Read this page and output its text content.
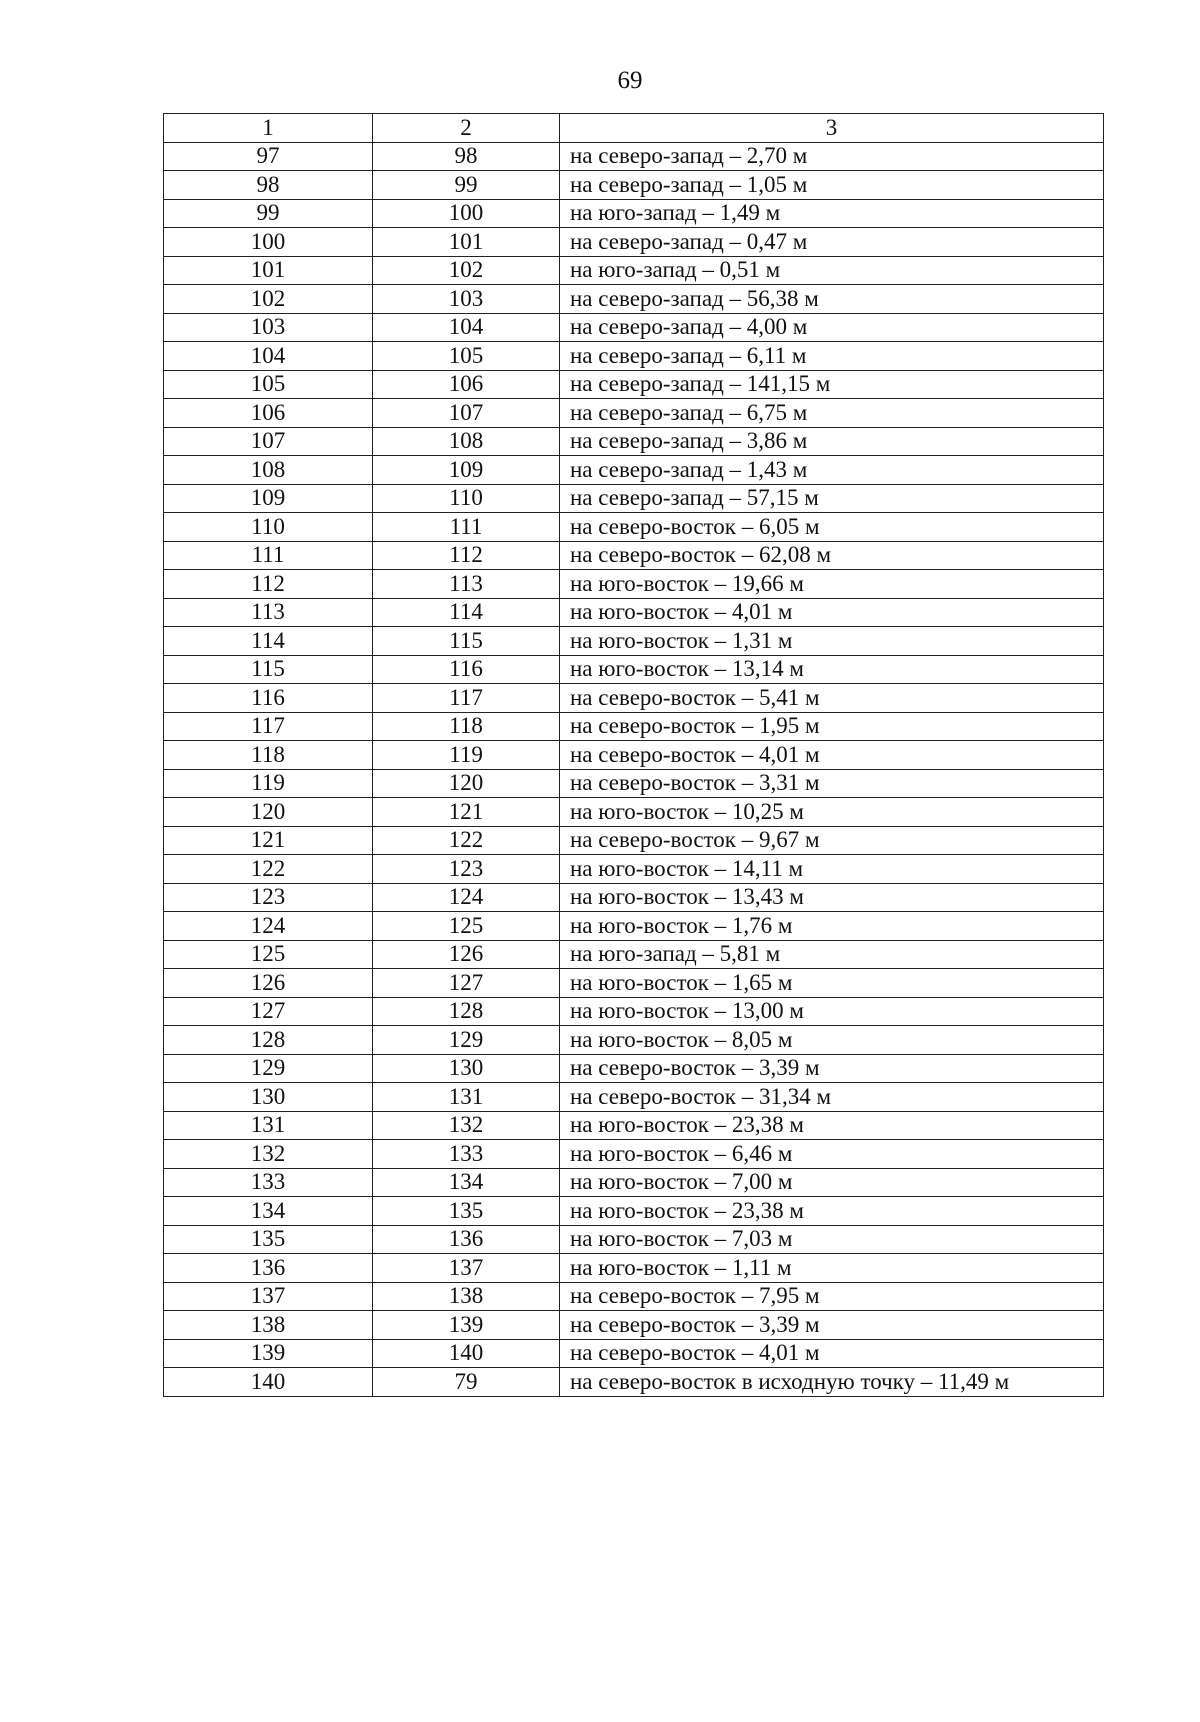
69
1	2	3
97	98	на северо-запад – 2,70 м
98	99	на северо-запад – 1,05 м
99	100	на юго-запад – 1,49 м
100	101	на северо-запад – 0,47 м
101	102	на юго-запад – 0,51 м
102	103	на северо-запад – 56,38 м
103	104	на северо-запад – 4,00 м
104	105	на северо-запад – 6,11 м
105	106	на северо-запад – 141,15 м
106	107	на северо-запад – 6,75 м
107	108	на северо-запад – 3,86 м
108	109	на северо-запад – 1,43 м
109	110	на северо-запад – 57,15 м
110	111	на северо-восток – 6,05 м
111	112	на северо-восток – 62,08 м
112	113	на юго-восток – 19,66 м
113	114	на юго-восток – 4,01 м
114	115	на юго-восток – 1,31 м
115	116	на юго-восток – 13,14 м
116	117	на северо-восток – 5,41 м
117	118	на северо-восток – 1,95 м
118	119	на северо-восток – 4,01 м
119	120	на северо-восток – 3,31 м
120	121	на юго-восток – 10,25 м
121	122	на северо-восток – 9,67 м
122	123	на юго-восток – 14,11 м
123	124	на юго-восток – 13,43 м
124	125	на юго-восток – 1,76 м
125	126	на юго-запад – 5,81 м
126	127	на юго-восток – 1,65 м
127	128	на юго-восток – 13,00 м
128	129	на юго-восток – 8,05 м
129	130	на северо-восток – 3,39 м
130	131	на северо-восток – 31,34 м
131	132	на юго-восток – 23,38 м
132	133	на юго-восток – 6,46 м
133	134	на юго-восток – 7,00 м
134	135	на юго-восток – 23,38 м
135	136	на юго-восток – 7,03 м
136	137	на юго-восток – 1,11 м
137	138	на северо-восток – 7,95 м
138	139	на северо-восток – 3,39 м
139	140	на северо-восток – 4,01 м
140	79	на северо-восток в исходную точку – 11,49 м
